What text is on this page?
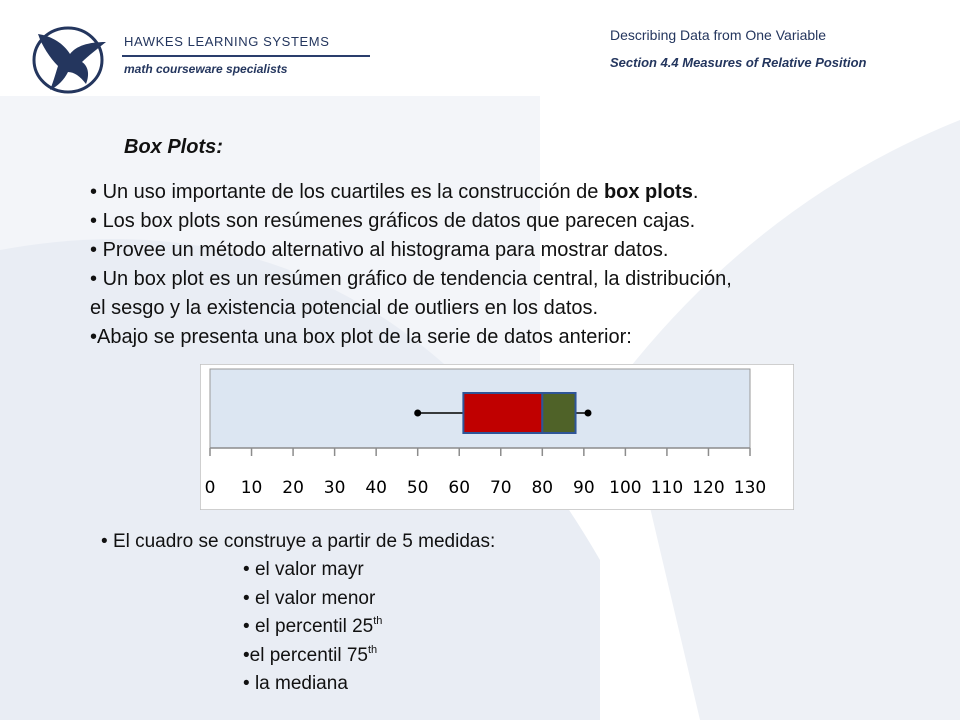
HAWKES LEARNING SYSTEMS
math courseware specialists
Describing Data from One Variable
Section 4.4 Measures of Relative Position
Box Plots:
• Un uso importante de los cuartiles es la construcción de box plots.
• Los box plots son resúmenes gráficos de datos que parecen cajas.
• Provee un método alternativo al histograma para mostrar datos.
• Un box plot es un resúmen gráfico de tendencia central, la distribución,
el sesgo y la existencia potencial de outliers en los datos.
•Abajo se presenta una box plot de la serie de datos anterior:
0 10 20 30 40 50 60 70 80 90 100 110 120 130
• El cuadro se construye a partir de 5 medidas:
• el valor mayr
• el valor menor
• el percentil 25th
•el percentil 75th
• la mediana
